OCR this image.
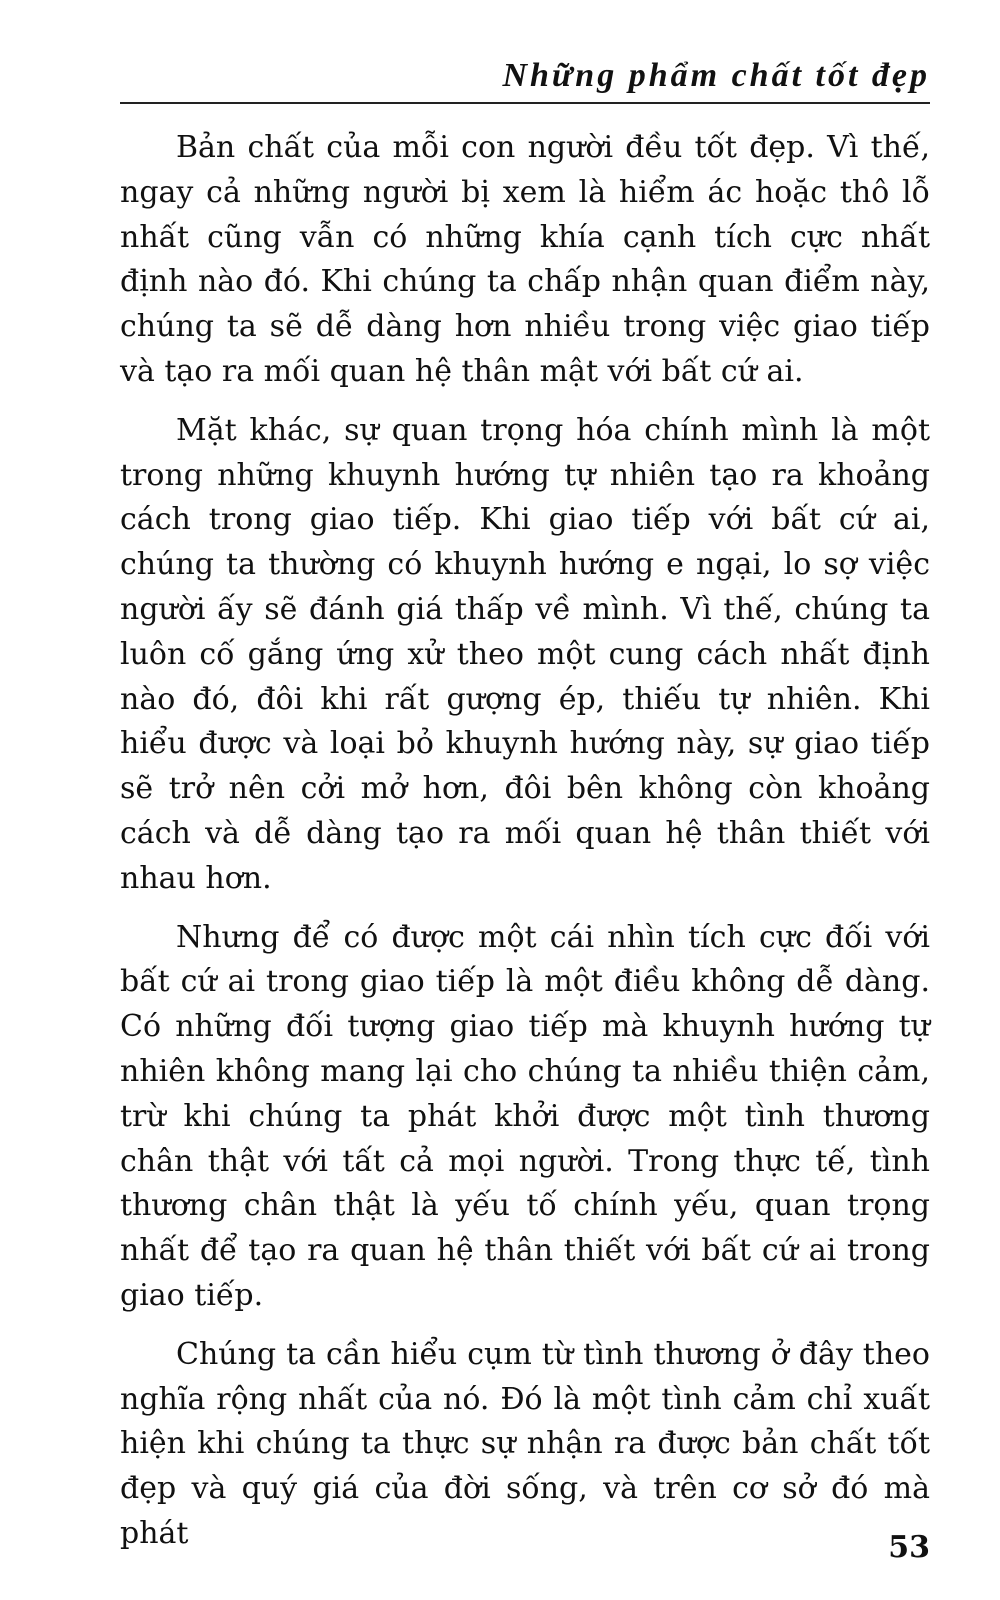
Những phẩm chất tốt đẹp

Bản chất của mỗi con người đều tốt đẹp. Vì thế, ngay cả những người bị xem là hiểm ác hoặc thô lỗ nhất cũng vẫn có những khía cạnh tích cực nhất định nào đó. Khi chúng ta chấp nhận quan điểm này, chúng ta sẽ dễ dàng hơn nhiều trong việc giao tiếp và tạo ra mối quan hệ thân mật với bất cứ ai.

Mặt khác, sự quan trọng hóa chính mình là một trong những khuynh hướng tự nhiên tạo ra khoảng cách trong giao tiếp. Khi giao tiếp với bất cứ ai, chúng ta thường có khuynh hướng e ngại, lo sợ việc người ấy sẽ đánh giá thấp về mình. Vì thế, chúng ta luôn cố gắng ứng xử theo một cung cách nhất định nào đó, đôi khi rất gượng ép, thiếu tự nhiên. Khi hiểu được và loại bỏ khuynh hướng này, sự giao tiếp sẽ trở nên cởi mở hơn, đôi bên không còn khoảng cách và dễ dàng tạo ra mối quan hệ thân thiết với nhau hơn.

Nhưng để có được một cái nhìn tích cực đối với bất cứ ai trong giao tiếp là một điều không dễ dàng. Có những đối tượng giao tiếp mà khuynh hướng tự nhiên không mang lại cho chúng ta nhiều thiện cảm, trừ khi chúng ta phát khởi được một tình thương chân thật với tất cả mọi người. Trong thực tế, tình thương chân thật là yếu tố chính yếu, quan trọng nhất để tạo ra quan hệ thân thiết với bất cứ ai trong giao tiếp.

Chúng ta cần hiểu cụm từ tình thương ở đây theo nghĩa rộng nhất của nó. Đó là một tình cảm chỉ xuất hiện khi chúng ta thực sự nhận ra được bản chất tốt đẹp và quý giá của đời sống, và trên cơ sở đó mà phát	53
